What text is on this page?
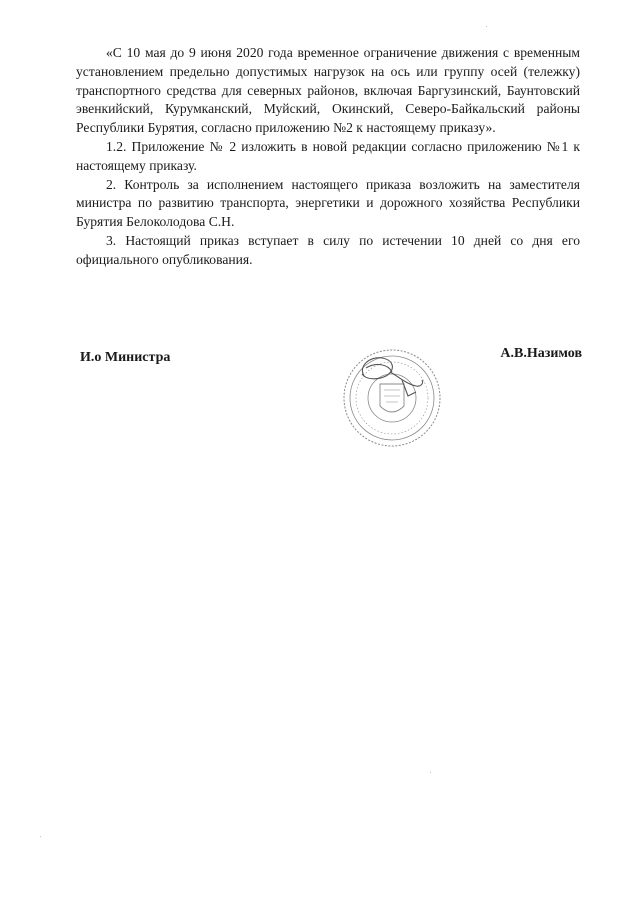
«С 10 мая до 9 июня 2020 года временное ограничение движения с временным установлением предельно допустимых нагрузок на ось или группу осей (тележку) транспортного средства для северных районов, включая Баргузинский, Баунтовский эвенкийский, Курумканский, Муйский, Окинский, Северо-Байкальский районы Республики Бурятия, согласно приложению №2 к настоящему приказу».

1.2. Приложение № 2 изложить в новой редакции согласно приложению №1 к настоящему приказу.

2. Контроль за исполнением настоящего приказа возложить на заместителя министра по развитию транспорта, энергетики и дорожного хозяйства Республики Бурятия Белоколодова С.Н.

3. Настоящий приказ вступает в силу по истечении 10 дней со дня его официального опубликования.

И.о Министра	А.В.Назимов
